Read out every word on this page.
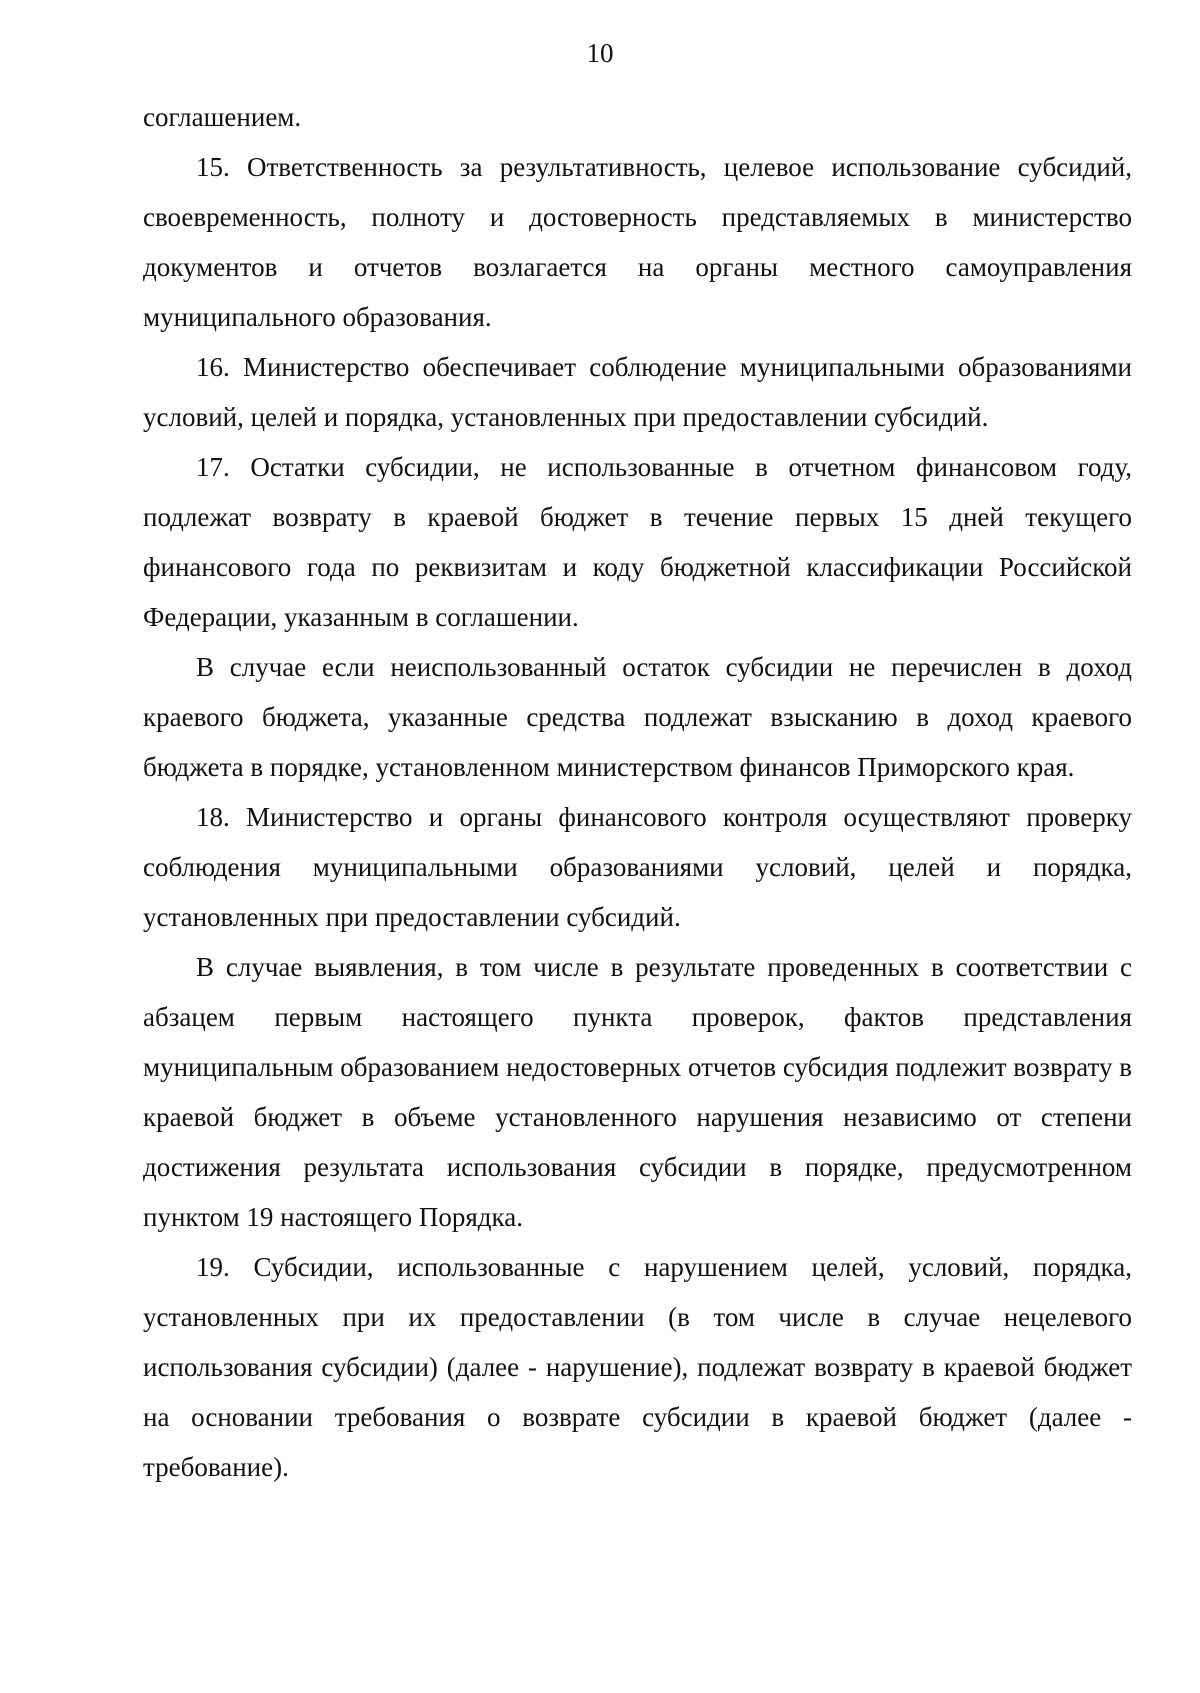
10

соглашением.

15. Ответственность за результативность, целевое использование субсидий, своевременность, полноту и достоверность представляемых в министерство документов и отчетов возлагается на органы местного самоуправления муниципального образования.

16. Министерство обеспечивает соблюдение муниципальными образованиями условий, целей и порядка, установленных при предоставлении субсидий.

17. Остатки субсидии, не использованные в отчетном финансовом году, подлежат возврату в краевой бюджет в течение первых 15 дней текущего финансового года по реквизитам и коду бюджетной классификации Российской Федерации, указанным в соглашении.

В случае если неиспользованный остаток субсидии не перечислен в доход краевого бюджета, указанные средства подлежат взысканию в доход краевого бюджета в порядке, установленном министерством финансов Приморского края.

18. Министерство и органы финансового контроля осуществляют проверку соблюдения муниципальными образованиями условий, целей и порядка, установленных при предоставлении субсидий.

В случае выявления, в том числе в результате проведенных в соответствии с абзацем первым настоящего пункта проверок, фактов представления муниципальным образованием недостоверных отчетов субсидия подлежит возврату в краевой бюджет в объеме установленного нарушения независимо от степени достижения результата использования субсидии в порядке, предусмотренном пунктом 19 настоящего Порядка.

19. Субсидии, использованные с нарушением целей, условий, порядка, установленных при их предоставлении (в том числе в случае нецелевого использования субсидии) (далее - нарушение), подлежат возврату в краевой бюджет на основании требования о возврате субсидии в краевой бюджет (далее - требование).
